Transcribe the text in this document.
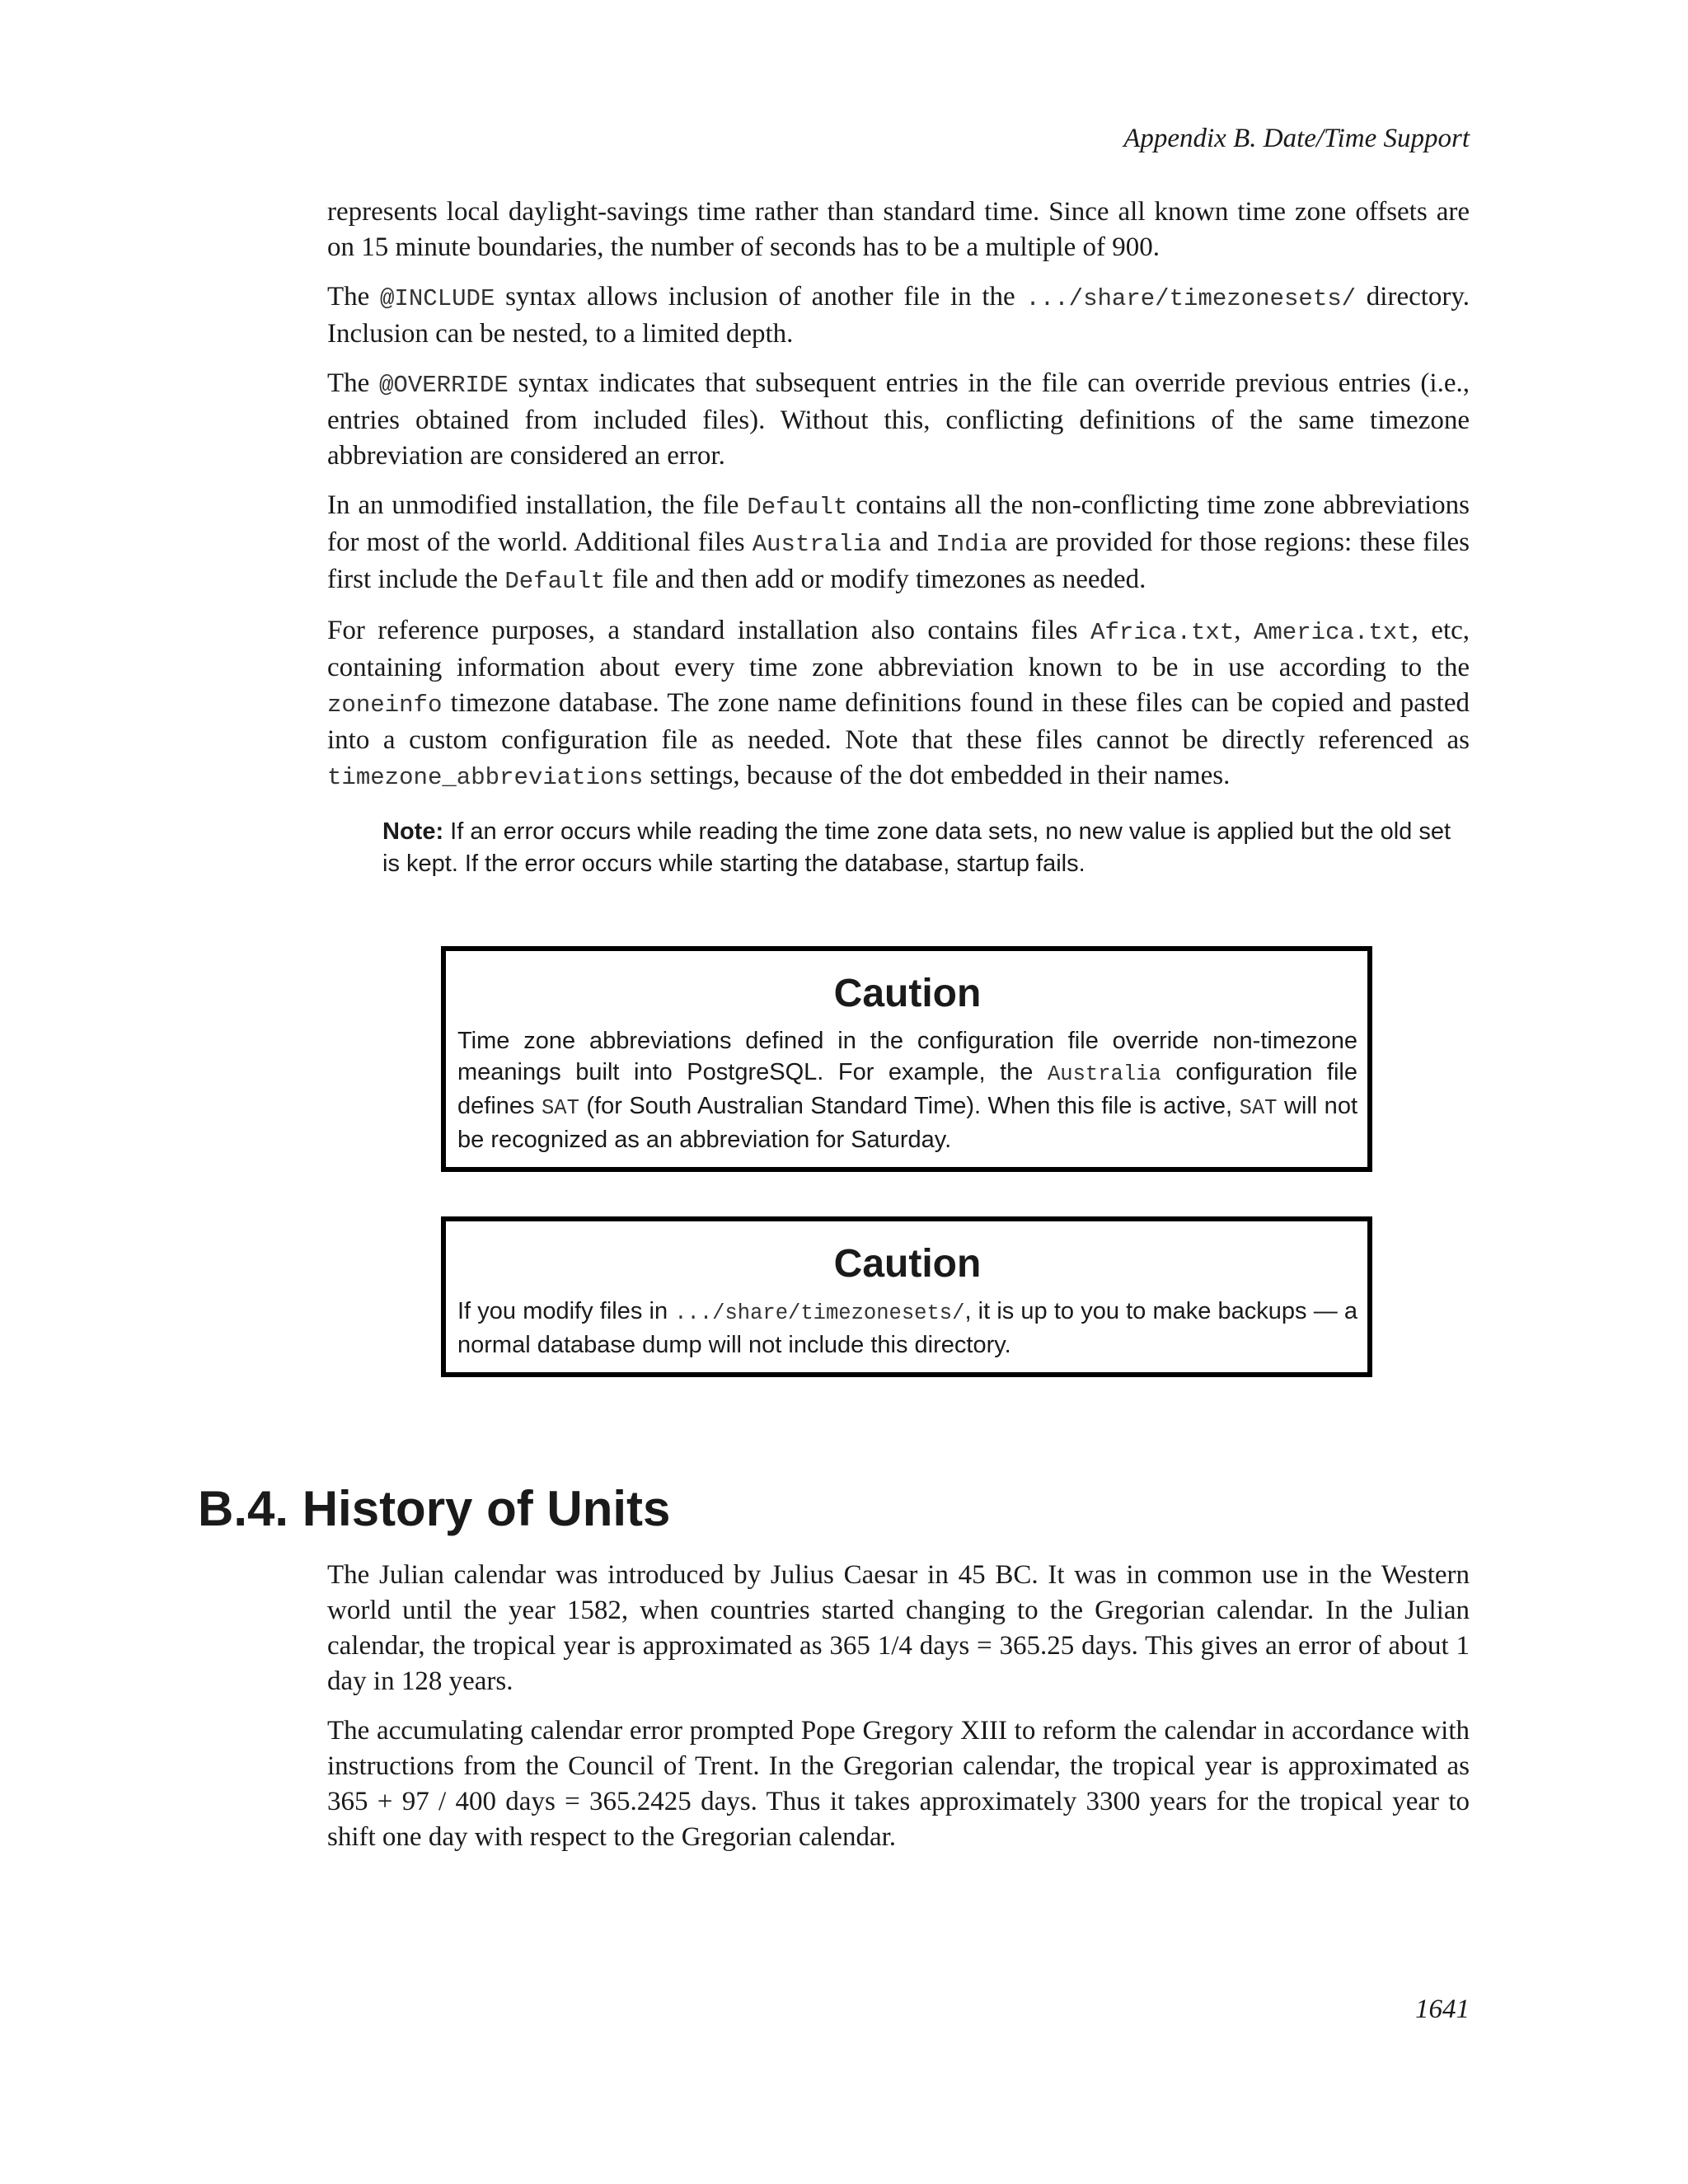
Appendix B. Date/Time Support

represents local daylight-savings time rather than standard time. Since all known time zone offsets are on 15 minute boundaries, the number of seconds has to be a multiple of 900.

The @INCLUDE syntax allows inclusion of another file in the .../share/timezonesets/ directory. Inclusion can be nested, to a limited depth.

The @OVERRIDE syntax indicates that subsequent entries in the file can override previous entries (i.e., entries obtained from included files). Without this, conflicting definitions of the same timezone abbreviation are considered an error.

In an unmodified installation, the file Default contains all the non-conflicting time zone abbreviations for most of the world. Additional files Australia and India are provided for those regions: these files first include the Default file and then add or modify timezones as needed.

For reference purposes, a standard installation also contains files Africa.txt, America.txt, etc, containing information about every time zone abbreviation known to be in use according to the zoneinfo timezone database. The zone name definitions found in these files can be copied and pasted into a custom configuration file as needed. Note that these files cannot be directly referenced as timezone_abbreviations settings, because of the dot embedded in their names.

Note: If an error occurs while reading the time zone data sets, no new value is applied but the old set is kept. If the error occurs while starting the database, startup fails.
Caution

Time zone abbreviations defined in the configuration file override non-timezone meanings built into PostgreSQL. For example, the Australia configuration file defines SAT (for South Australian Standard Time). When this file is active, SAT will not be recognized as an abbreviation for Saturday.

Caution

If you modify files in .../share/timezonesets/, it is up to you to make backups — a normal database dump will not include this directory.

B.4. History of Units

The Julian calendar was introduced by Julius Caesar in 45 BC. It was in common use in the Western world until the year 1582, when countries started changing to the Gregorian calendar. In the Julian calendar, the tropical year is approximated as 365 1/4 days = 365.25 days. This gives an error of about 1 day in 128 years.

The accumulating calendar error prompted Pope Gregory XIII to reform the calendar in accordance with instructions from the Council of Trent. In the Gregorian calendar, the tropical year is approximated as 365 + 97 / 400 days = 365.2425 days. Thus it takes approximately 3300 years for the tropical year to shift one day with respect to the Gregorian calendar.

1641
